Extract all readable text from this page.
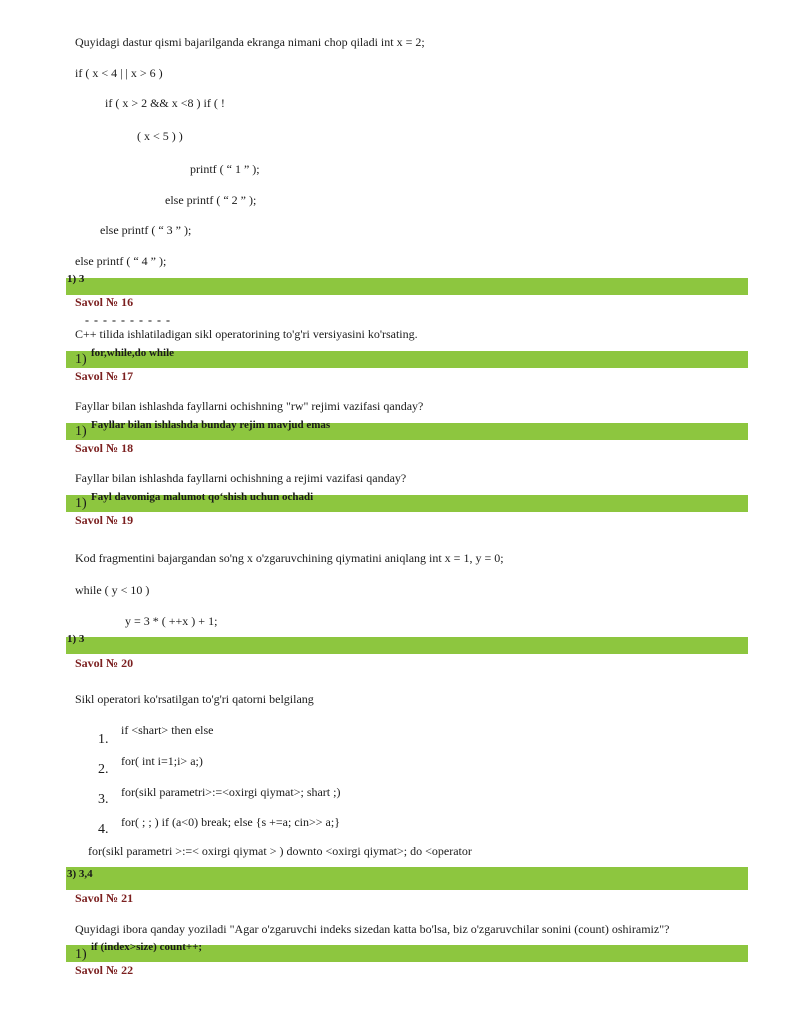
Quyidagi dastur qismi bajarilganda ekranga nimani chop qiladi int x = 2;
if ( x < 4 | | x > 6 )
if ( x > 2 && x <8 ) if ( !
( x < 5 ) )
printf ( “ 1 ” );
else printf ( “ 2 ” );
else printf ( “ 3 ” );
else printf ( “ 4 ” );
1) 3
Savol № 16
- - - - - - - - - -
C++ tilida ishlatiladigan sikl operatorining to'g'ri versiyasini ko'rsating.
1) for,while,do while
Savol № 17
Fayllar bilan ishlashda fayllarni ochishning "rw" rejimi vazifasi qanday?
1) Fayllar bilan ishlashda bunday rejim mavjud emas
Savol № 18
Fayllar bilan ishlashda fayllarni ochishning a rejimi vazifasi qanday?
1) Fayl davomiga malumot qo‘shish uchun ochadi
Savol № 19
Kod fragmentini bajargandan so'ng x o'zgaruvchining qiymatini aniqlang int x = 1, y = 0;
while ( y < 10 )
y = 3 * ( ++x ) + 1;
1) 3
Savol № 20
Sikl operatori ko'rsatilgan to'g'ri qatorni belgilang
1.
if <shart> then else
2.
for( int i=1;i> a;)
3. for(sikl parametri>:=<oxirgi qiymat>; shart ;)
4. for( ; ; ) if (a<0) break; else {s +=a; cin>> a;}
for(sikl parametri >:=< oxirgi qiymat > ) downto <oxirgi qiymat>; do <operator
3) 3,4
Savol № 21
Quyidagi ibora qanday yoziladi "Agar o'zgaruvchi indeks sizedan katta bo'lsa, biz o'zgaruvchilar sonini (count) oshiramiz"?
1) if (index>size) count++;
Savol № 22
